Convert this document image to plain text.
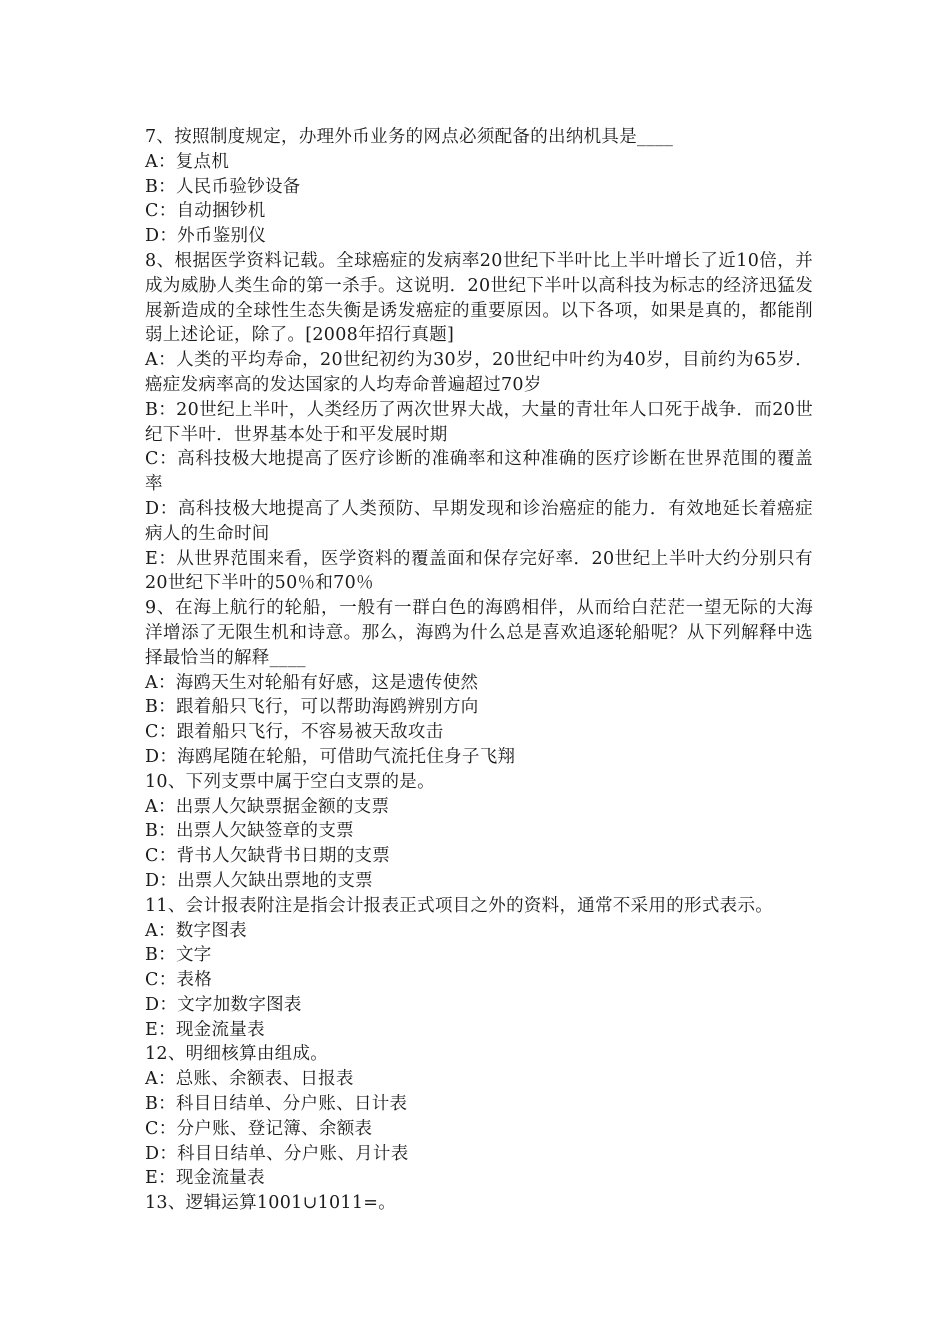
7、按照制度规定，办理外币业务的网点必须配备的出纳机具是____

A：复点机

B：人民币验钞设备

C：自动捆钞机

D：外币鉴别仪

8、根据医学资料记载。全球癌症的发病率20世纪下半叶比上半叶增长了近10倍，并成为威胁人类生命的第一杀手。这说明．20世纪下半叶以高科技为标志的经济迅猛发展新造成的全球性生态失衡是诱发癌症的重要原因。以下各项，如果是真的，都能削弱上述论证，除了。[2008年招行真题]

A：人类的平均寿命，20世纪初约为30岁，20世纪中叶约为40岁，目前约为65岁．癌症发病率高的发达国家的人均寿命普遍超过70岁

B：20世纪上半叶，人类经历了两次世界大战，大量的青壮年人口死于战争．而20世纪下半叶．世界基本处于和平发展时期

C：高科技极大地提高了医疗诊断的准确率和这种准确的医疗诊断在世界范围的覆盖率

D：高科技极大地提高了人类预防、早期发现和诊治癌症的能力．有效地延长着癌症病人的生命时间

E：从世界范围来看，医学资料的覆盖面和保存完好率．20世纪上半叶大约分别只有20世纪下半叶的50％和70％

9、在海上航行的轮船，一般有一群白色的海鸥相伴，从而给白茫茫一望无际的大海洋增添了无限生机和诗意。那么，海鸥为什么总是喜欢追逐轮船呢？从下列解释中选择最恰当的解释____

A：海鸥天生对轮船有好感，这是遗传使然

B：跟着船只飞行，可以帮助海鸥辨别方向

C：跟着船只飞行，不容易被天敌攻击

D：海鸥尾随在轮船，可借助气流托住身子飞翔

10、下列支票中属于空白支票的是。

A：出票人欠缺票据金额的支票

B：出票人欠缺签章的支票

C：背书人欠缺背书日期的支票

D：出票人欠缺出票地的支票

11、会计报表附注是指会计报表正式项目之外的资料，通常不采用的形式表示。

A：数字图表

B：文字

C：表格

D：文字加数字图表

E：现金流量表

12、明细核算由组成。

A：总账、余额表、日报表

B：科目日结单、分户账、日计表

C：分户账、登记簿、余额表

D：科目日结单、分户账、月计表

E：现金流量表

13、逻辑运算1001∪1011=。
